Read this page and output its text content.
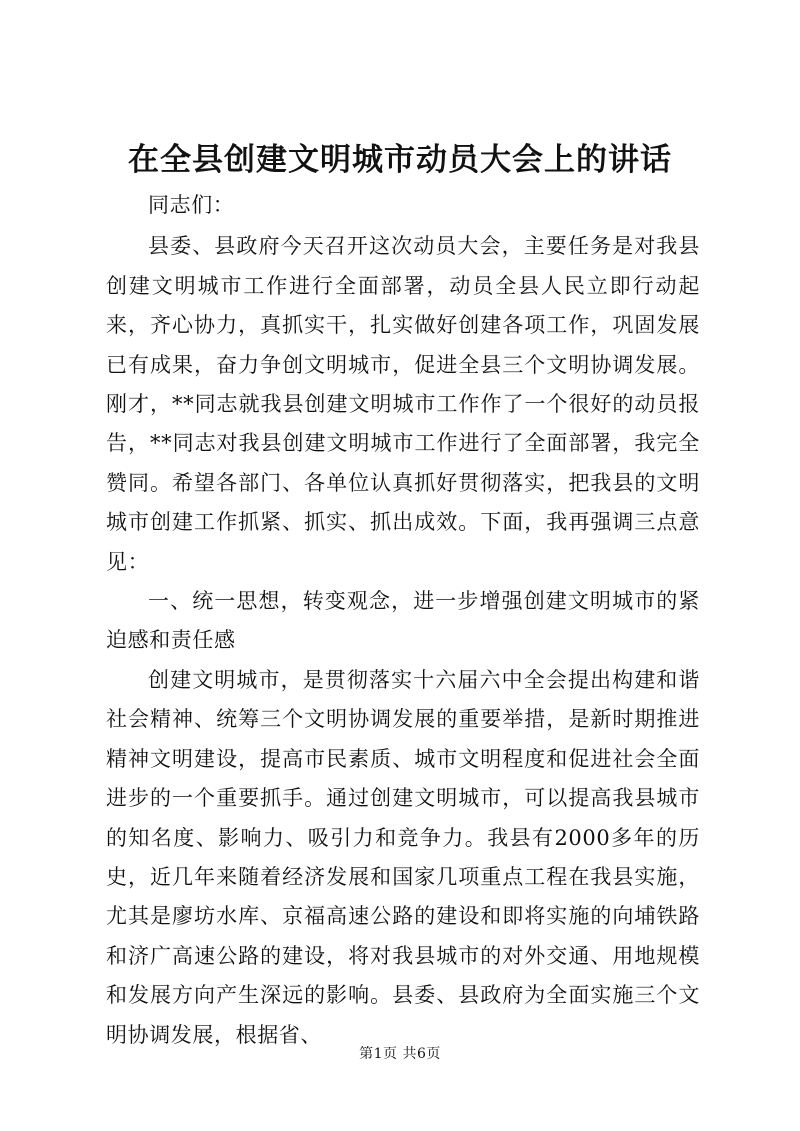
在全县创建文明城市动员大会上的讲话

同志们：

县委、县政府今天召开这次动员大会，主要任务是对我县创建文明城市工作进行全面部署，动员全县人民立即行动起来，齐心协力，真抓实干，扎实做好创建各项工作，巩固发展已有成果，奋力争创文明城市，促进全县三个文明协调发展。刚才，**同志就我县创建文明城市工作作了一个很好的动员报告，**同志对我县创建文明城市工作进行了全面部署，我完全赞同。希望各部门、各单位认真抓好贯彻落实，把我县的文明城市创建工作抓紧、抓实、抓出成效。下面，我再强调三点意见：

一、统一思想，转变观念，进一步增强创建文明城市的紧迫感和责任感

创建文明城市，是贯彻落实十六届六中全会提出构建和谐社会精神、统筹三个文明协调发展的重要举措，是新时期推进精神文明建设，提高市民素质、城市文明程度和促进社会全面进步的一个重要抓手。通过创建文明城市，可以提高我县城市的知名度、影响力、吸引力和竞争力。我县有2000多年的历史，近几年来随着经济发展和国家几项重点工程在我县实施，尤其是廖坊水库、京福高速公路的建设和即将实施的向埔铁路和济广高速公路的建设，将对我县城市的对外交通、用地规模和发展方向产生深远的影响。县委、县政府为全面实施三个文明协调发展，根据省、

第1页 共6页
